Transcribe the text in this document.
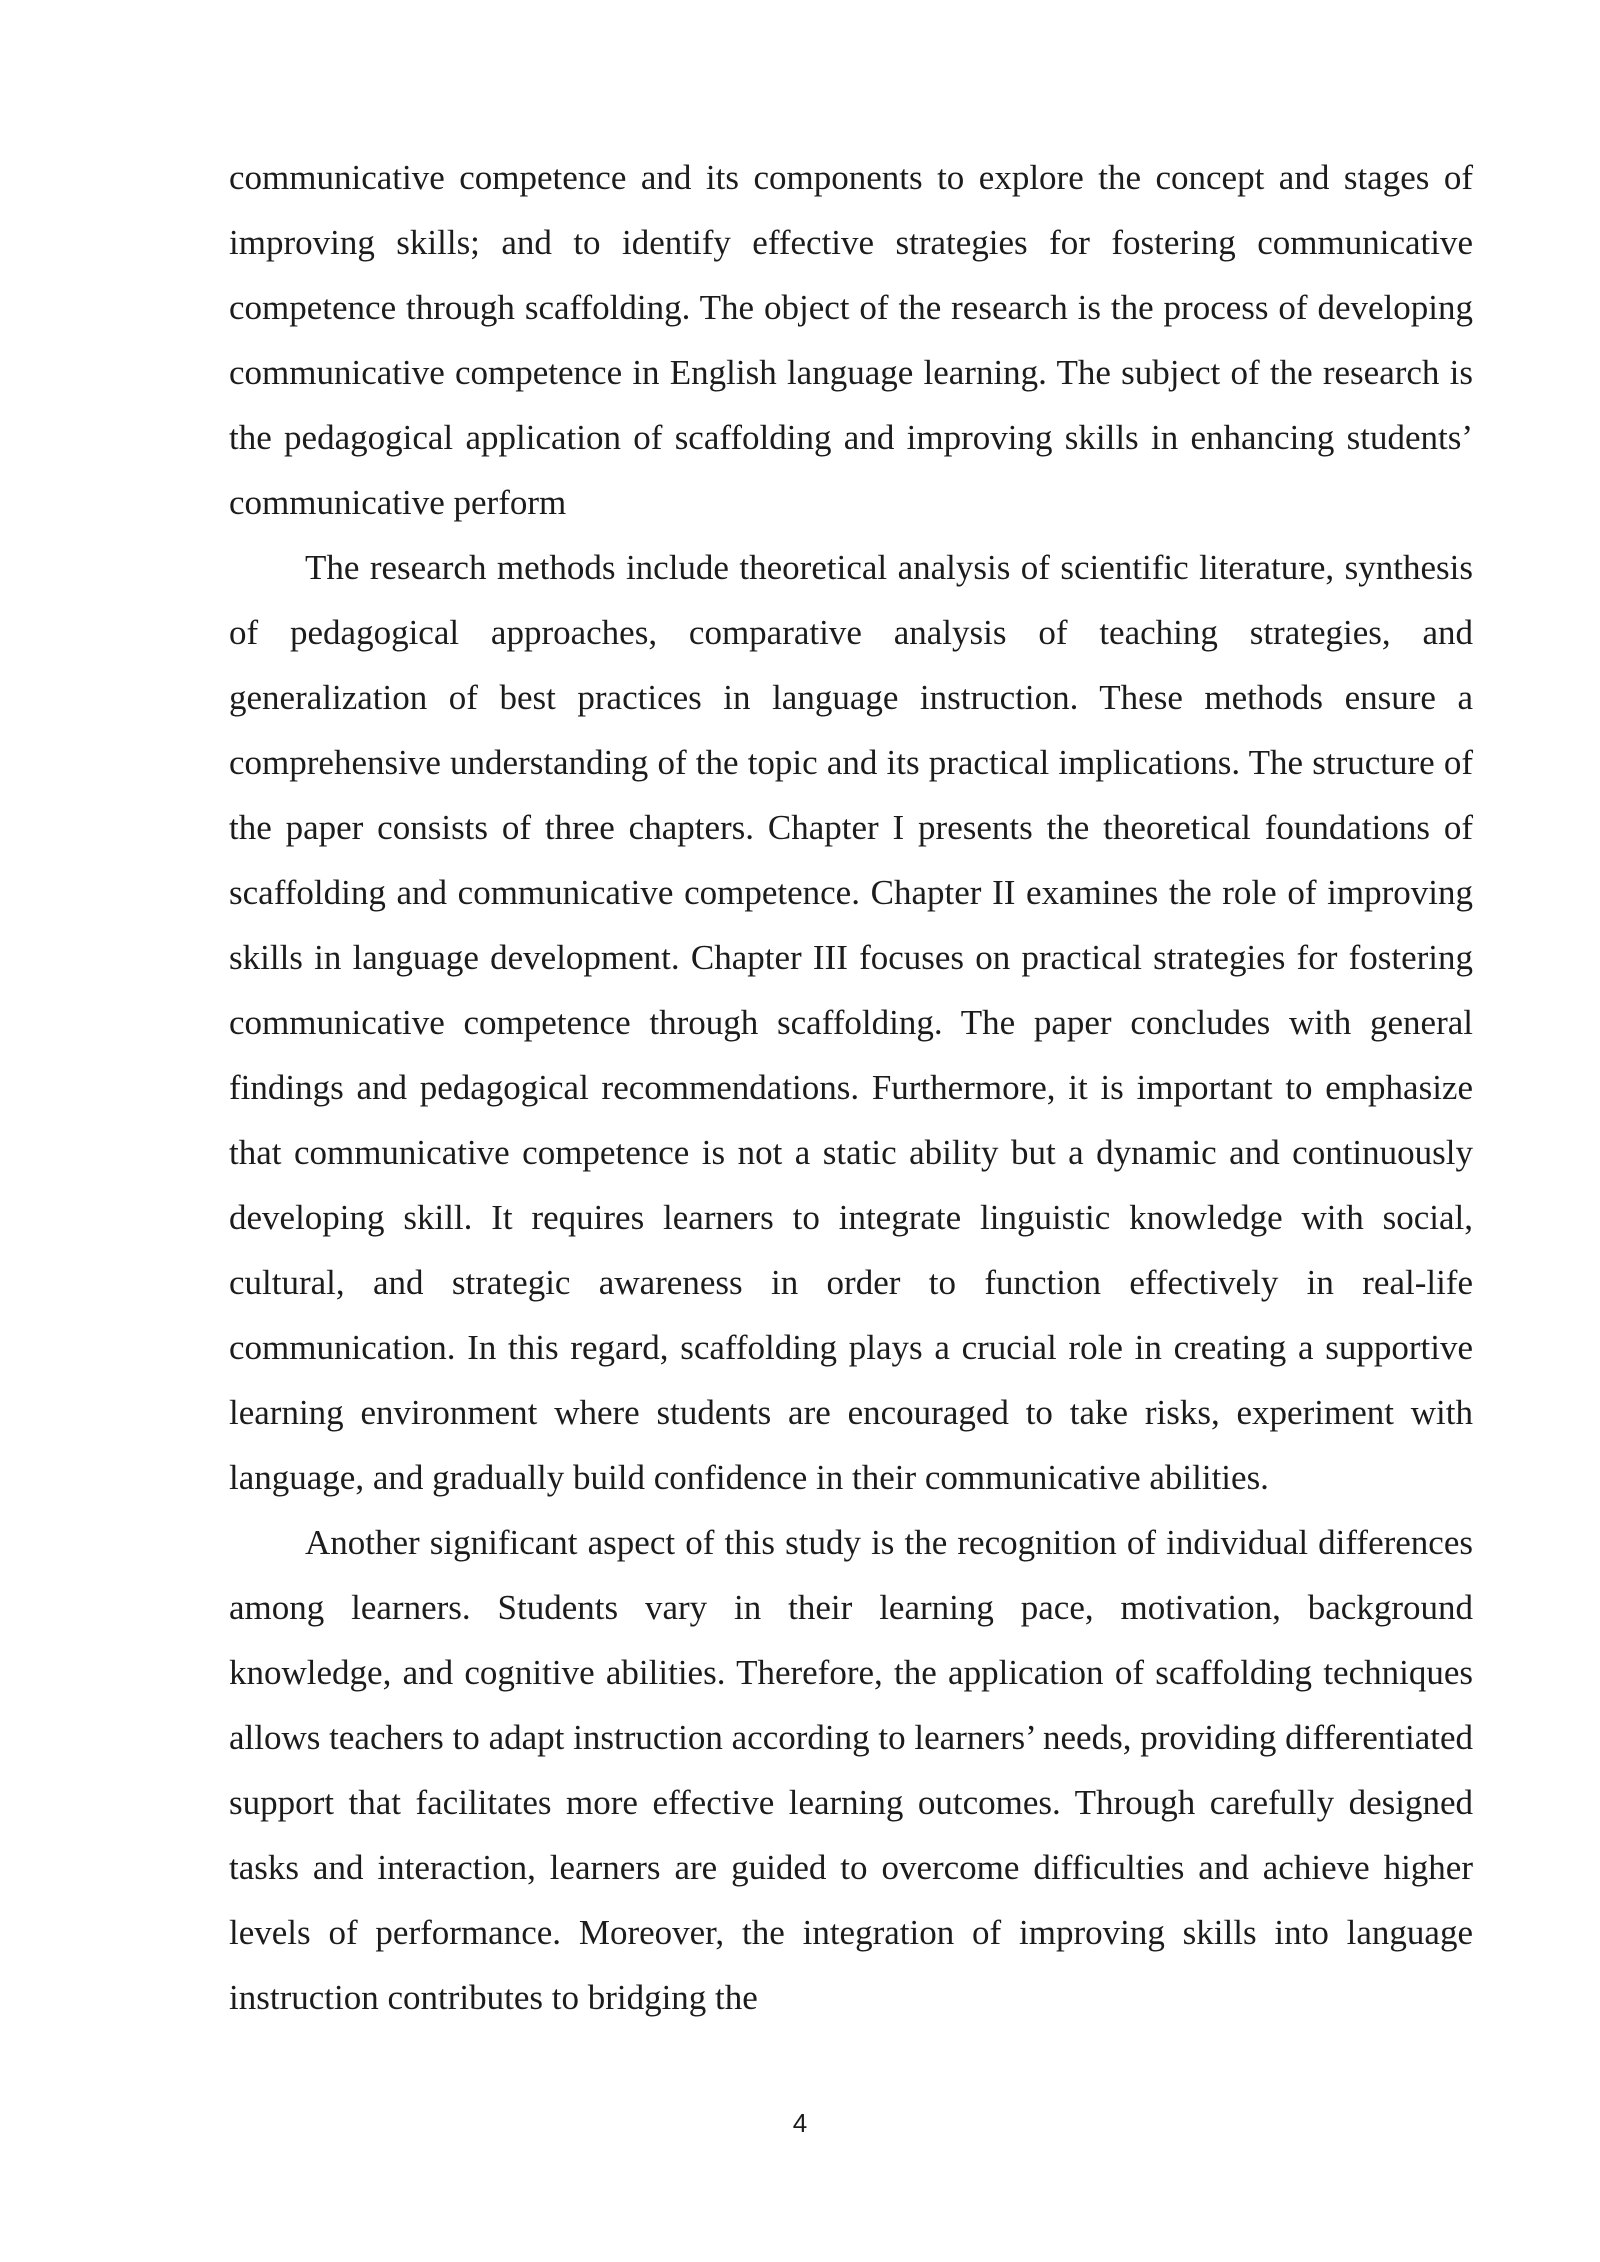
communicative competence and its components to explore the concept and stages of improving skills; and to identify effective strategies for fostering communicative competence through scaffolding. The object of the research is the process of developing communicative competence in English language learning. The subject of the research is the pedagogical application of scaffolding and improving skills in enhancing students’ communicative perform

The research methods include theoretical analysis of scientific literature, synthesis of pedagogical approaches, comparative analysis of teaching strategies, and generalization of best practices in language instruction. These methods ensure a comprehensive understanding of the topic and its practical implications. The structure of the paper consists of three chapters. Chapter I presents the theoretical foundations of scaffolding and communicative competence. Chapter II examines the role of improving skills in language development. Chapter III focuses on practical strategies for fostering communicative competence through scaffolding. The paper concludes with general findings and pedagogical recommendations. Furthermore, it is important to emphasize that communicative competence is not a static ability but a dynamic and continuously developing skill. It requires learners to integrate linguistic knowledge with social, cultural, and strategic awareness in order to function effectively in real-life communication. In this regard, scaffolding plays a crucial role in creating a supportive learning environment where students are encouraged to take risks, experiment with language, and gradually build confidence in their communicative abilities.

Another significant aspect of this study is the recognition of individual differences among learners. Students vary in their learning pace, motivation, background knowledge, and cognitive abilities. Therefore, the application of scaffolding techniques allows teachers to adapt instruction according to learners’ needs, providing differentiated support that facilitates more effective learning outcomes. Through carefully designed tasks and interaction, learners are guided to overcome difficulties and achieve higher levels of performance. Moreover, the integration of improving skills into language instruction contributes to bridging the

4
